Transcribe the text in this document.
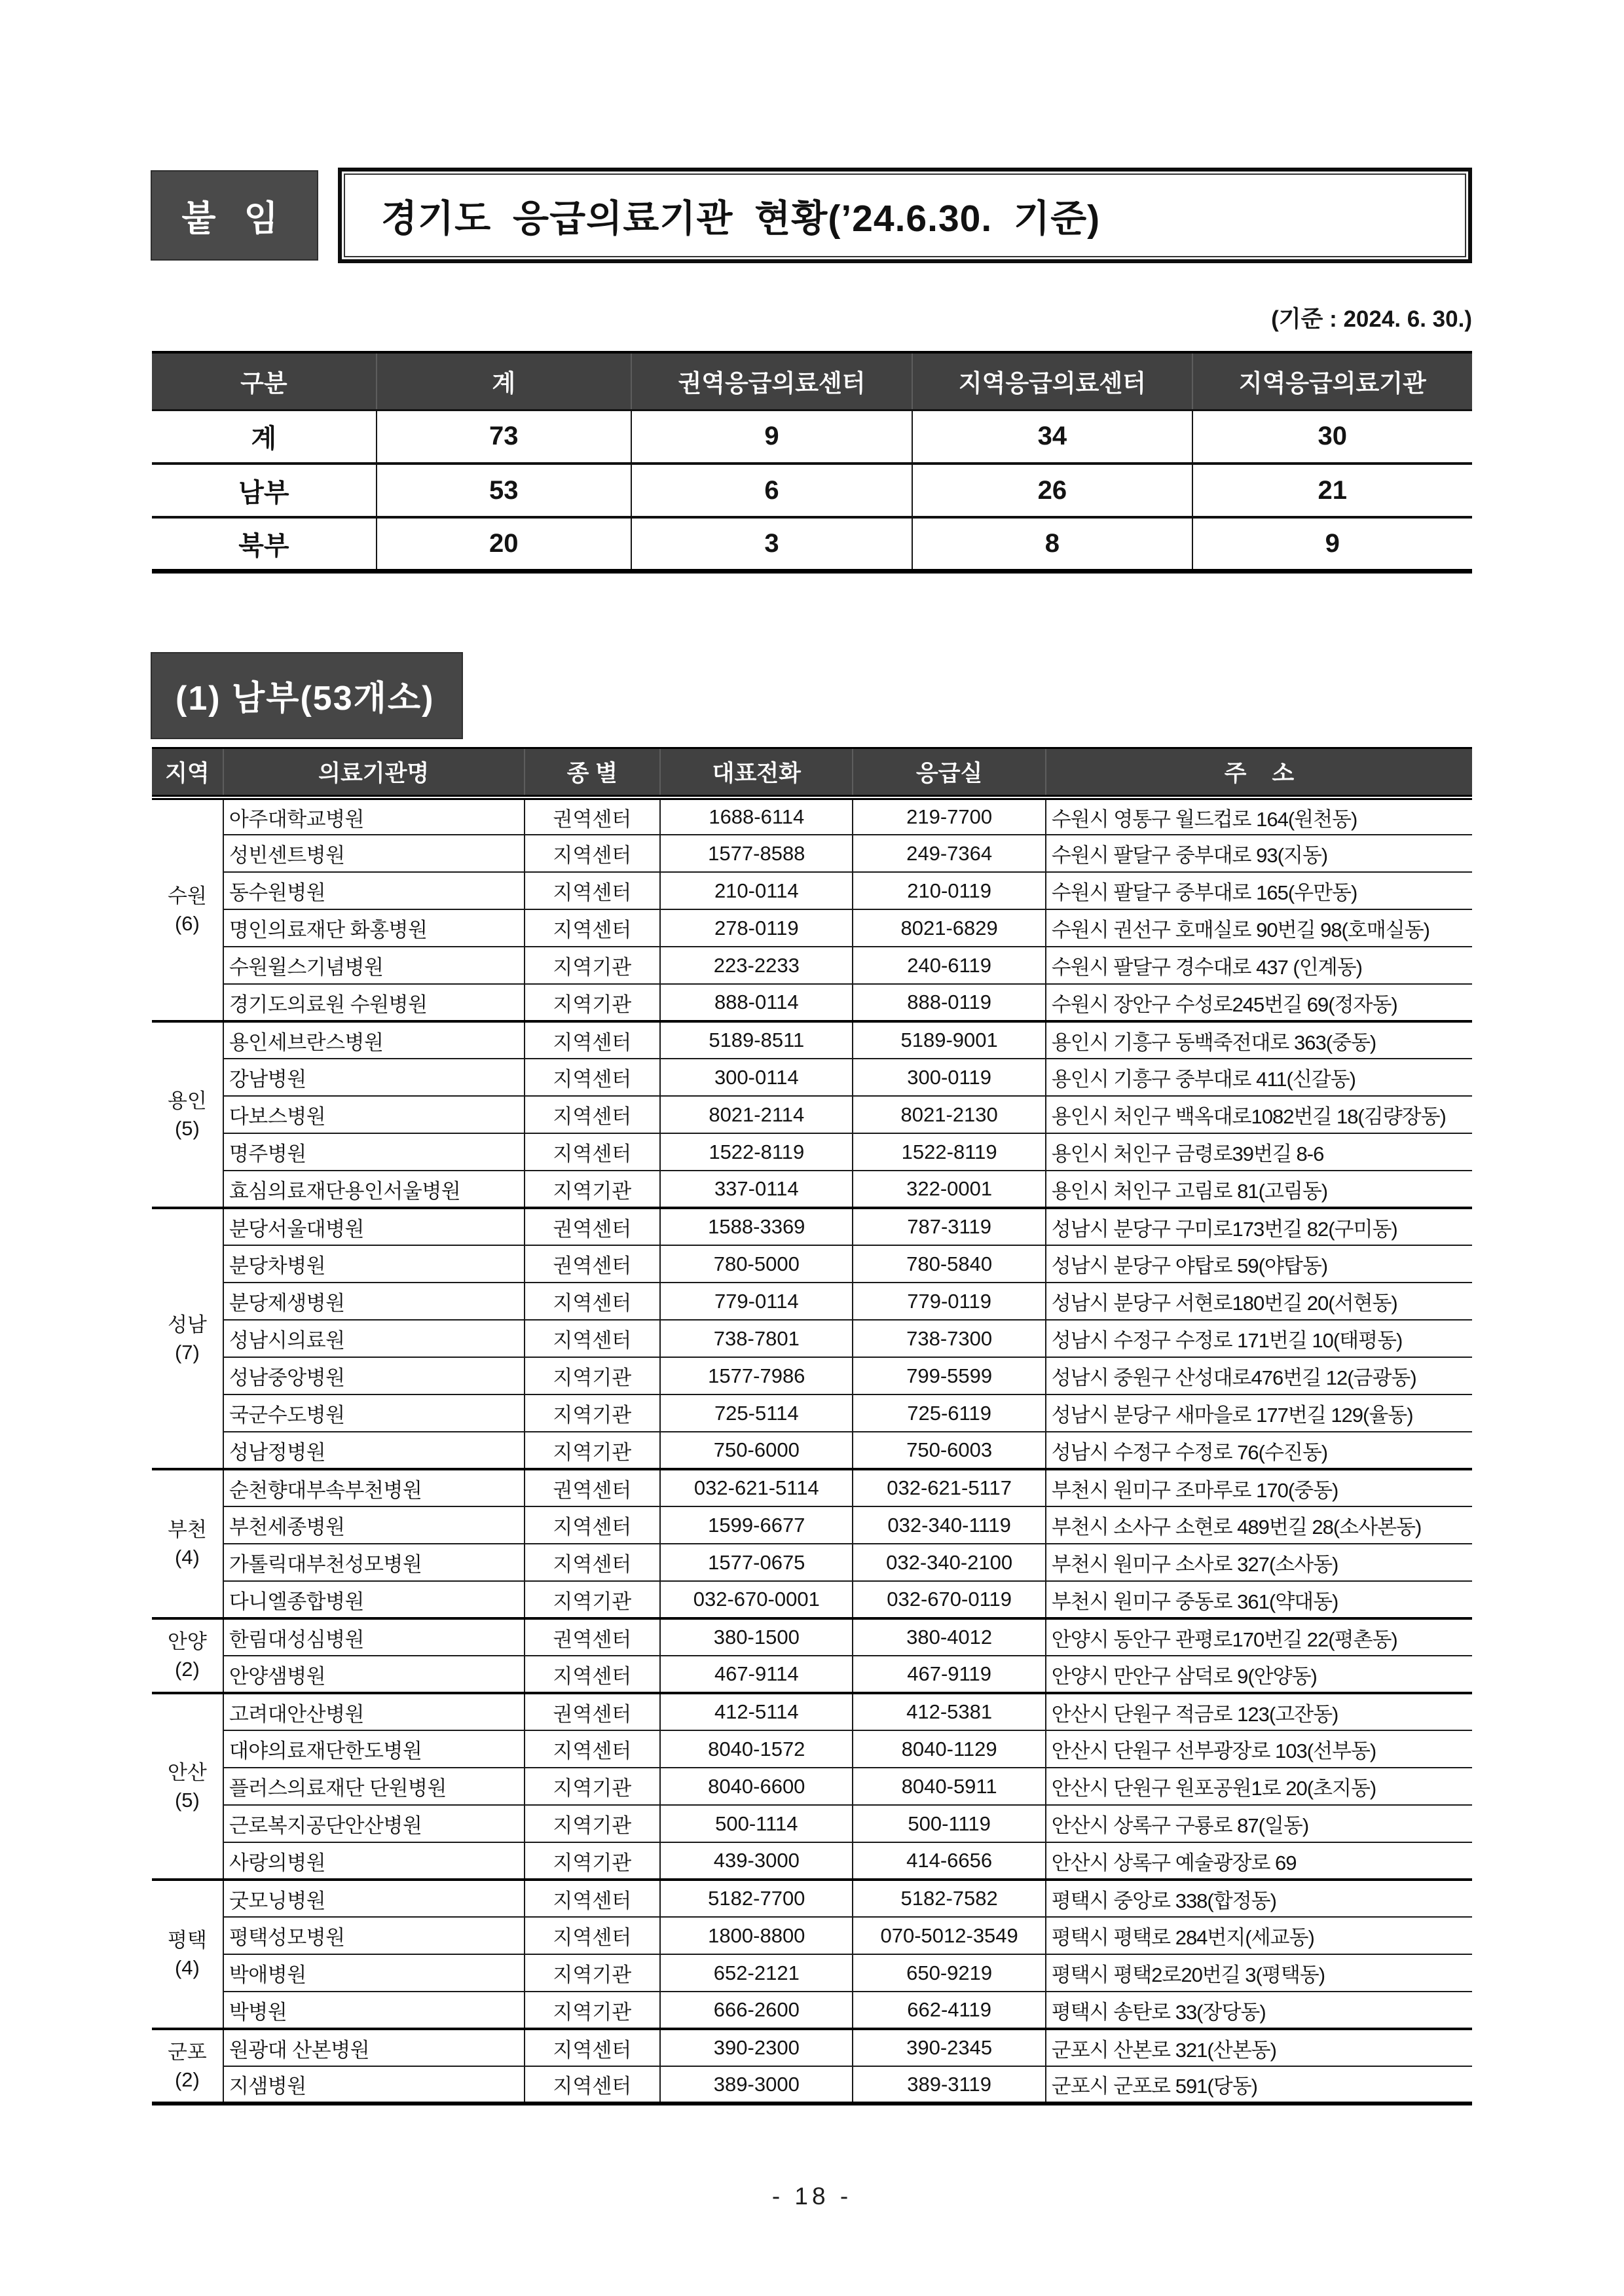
붙 임	경기도 응급의료기관 현황(’24.6.30. 기준)
(기준 : 2024. 6. 30.)
구분	계	권역응급의료센터	지역응급의료센터	지역응급의료기관
계	73	9	34	30
남부	53	6	26	21
북부	20	3	8	9
(1) 남부(53개소)
지역	의료기관명	종 별	대표전화	응급실	주    소

수원
(6)	아주대학교병원	권역센터	1688-6114	219-7700	수원시 영통구 월드컵로 164(원천동)
	성빈센트병원	지역센터	1577-8588	249-7364	수원시 팔달구 중부대로 93(지동)
	동수원병원	지역센터	210-0114	210-0119	수원시 팔달구 중부대로 165(우만동)
	명인의료재단 화홍병원	지역센터	278-0119	8021-6829	수원시 권선구 호매실로 90번길 98(호매실동)
	수원윌스기념병원	지역기관	223-2233	240-6119	수원시 팔달구 경수대로 437 (인계동)
	경기도의료원 수원병원	지역기관	888-0114	888-0119	수원시 장안구 수성로245번길 69(정자동)

용인
(5)	용인세브란스병원	지역센터	5189-8511	5189-9001	용인시 기흥구 동백죽전대로 363(중동)
	강남병원	지역센터	300-0114	300-0119	용인시 기흥구 중부대로 411(신갈동)
	다보스병원	지역센터	8021-2114	8021-2130	용인시 처인구 백옥대로1082번길 18(김량장동)
	명주병원	지역센터	1522-8119	1522-8119	용인시 처인구 금령로39번길 8-6
	효심의료재단용인서울병원	지역기관	337-0114	322-0001	용인시 처인구 고림로 81(고림동)

성남
(7)	분당서울대병원	권역센터	1588-3369	787-3119	성남시 분당구 구미로173번길 82(구미동)
	분당차병원	권역센터	780-5000	780-5840	성남시 분당구 야탑로 59(야탑동)
	분당제생병원	지역센터	779-0114	779-0119	성남시 분당구 서현로180번길 20(서현동)
	성남시의료원	지역센터	738-7801	738-7300	성남시 수정구 수정로 171번길 10(태평동)
	성남중앙병원	지역기관	1577-7986	799-5599	성남시 중원구 산성대로476번길 12(금광동)
	국군수도병원	지역기관	725-5114	725-6119	성남시 분당구 새마을로 177번길 129(율동)
	성남정병원	지역기관	750-6000	750-6003	성남시 수정구 수정로 76(수진동)

부천
(4)	순천향대부속부천병원	권역센터	032-621-5114	032-621-5117	부천시 원미구 조마루로 170(중동)
	부천세종병원	지역센터	1599-6677	032-340-1119	부천시 소사구 소현로 489번길 28(소사본동)
	가톨릭대부천성모병원	지역센터	1577-0675	032-340-2100	부천시 원미구 소사로 327(소사동)
	다니엘종합병원	지역기관	032-670-0001	032-670-0119	부천시 원미구 중동로 361(약대동)

안양
(2)	한림대성심병원	권역센터	380-1500	380-4012	안양시 동안구 관평로170번길 22(평촌동)
	안양샘병원	지역센터	467-9114	467-9119	안양시 만안구 삼덕로 9(안양동)

안산
(5)	고려대안산병원	권역센터	412-5114	412-5381	안산시 단원구 적금로 123(고잔동)
	대야의료재단한도병원	지역센터	8040-1572	8040-1129	안산시 단원구 선부광장로 103(선부동)
	플러스의료재단 단원병원	지역기관	8040-6600	8040-5911	안산시 단원구 원포공원1로 20(초지동)
	근로복지공단안산병원	지역기관	500-1114	500-1119	안산시 상록구 구룡로 87(일동)
	사랑의병원	지역기관	439-3000	414-6656	안산시 상록구 예술광장로 69

평택
(4)	굿모닝병원	지역센터	5182-7700	5182-7582	평택시 중앙로 338(합정동)
	평택성모병원	지역센터	1800-8800	070-5012-3549	평택시 평택로 284번지(세교동)
	박애병원	지역기관	652-2121	650-9219	평택시 평택2로20번길 3(평택동)
	박병원	지역기관	666-2600	662-4119	평택시 송탄로 33(장당동)

군포
(2)	원광대 산본병원	지역센터	390-2300	390-2345	군포시 산본로 321(산본동)
	지샘병원	지역센터	389-3000	389-3119	군포시 군포로 591(당동)
- 18 -
